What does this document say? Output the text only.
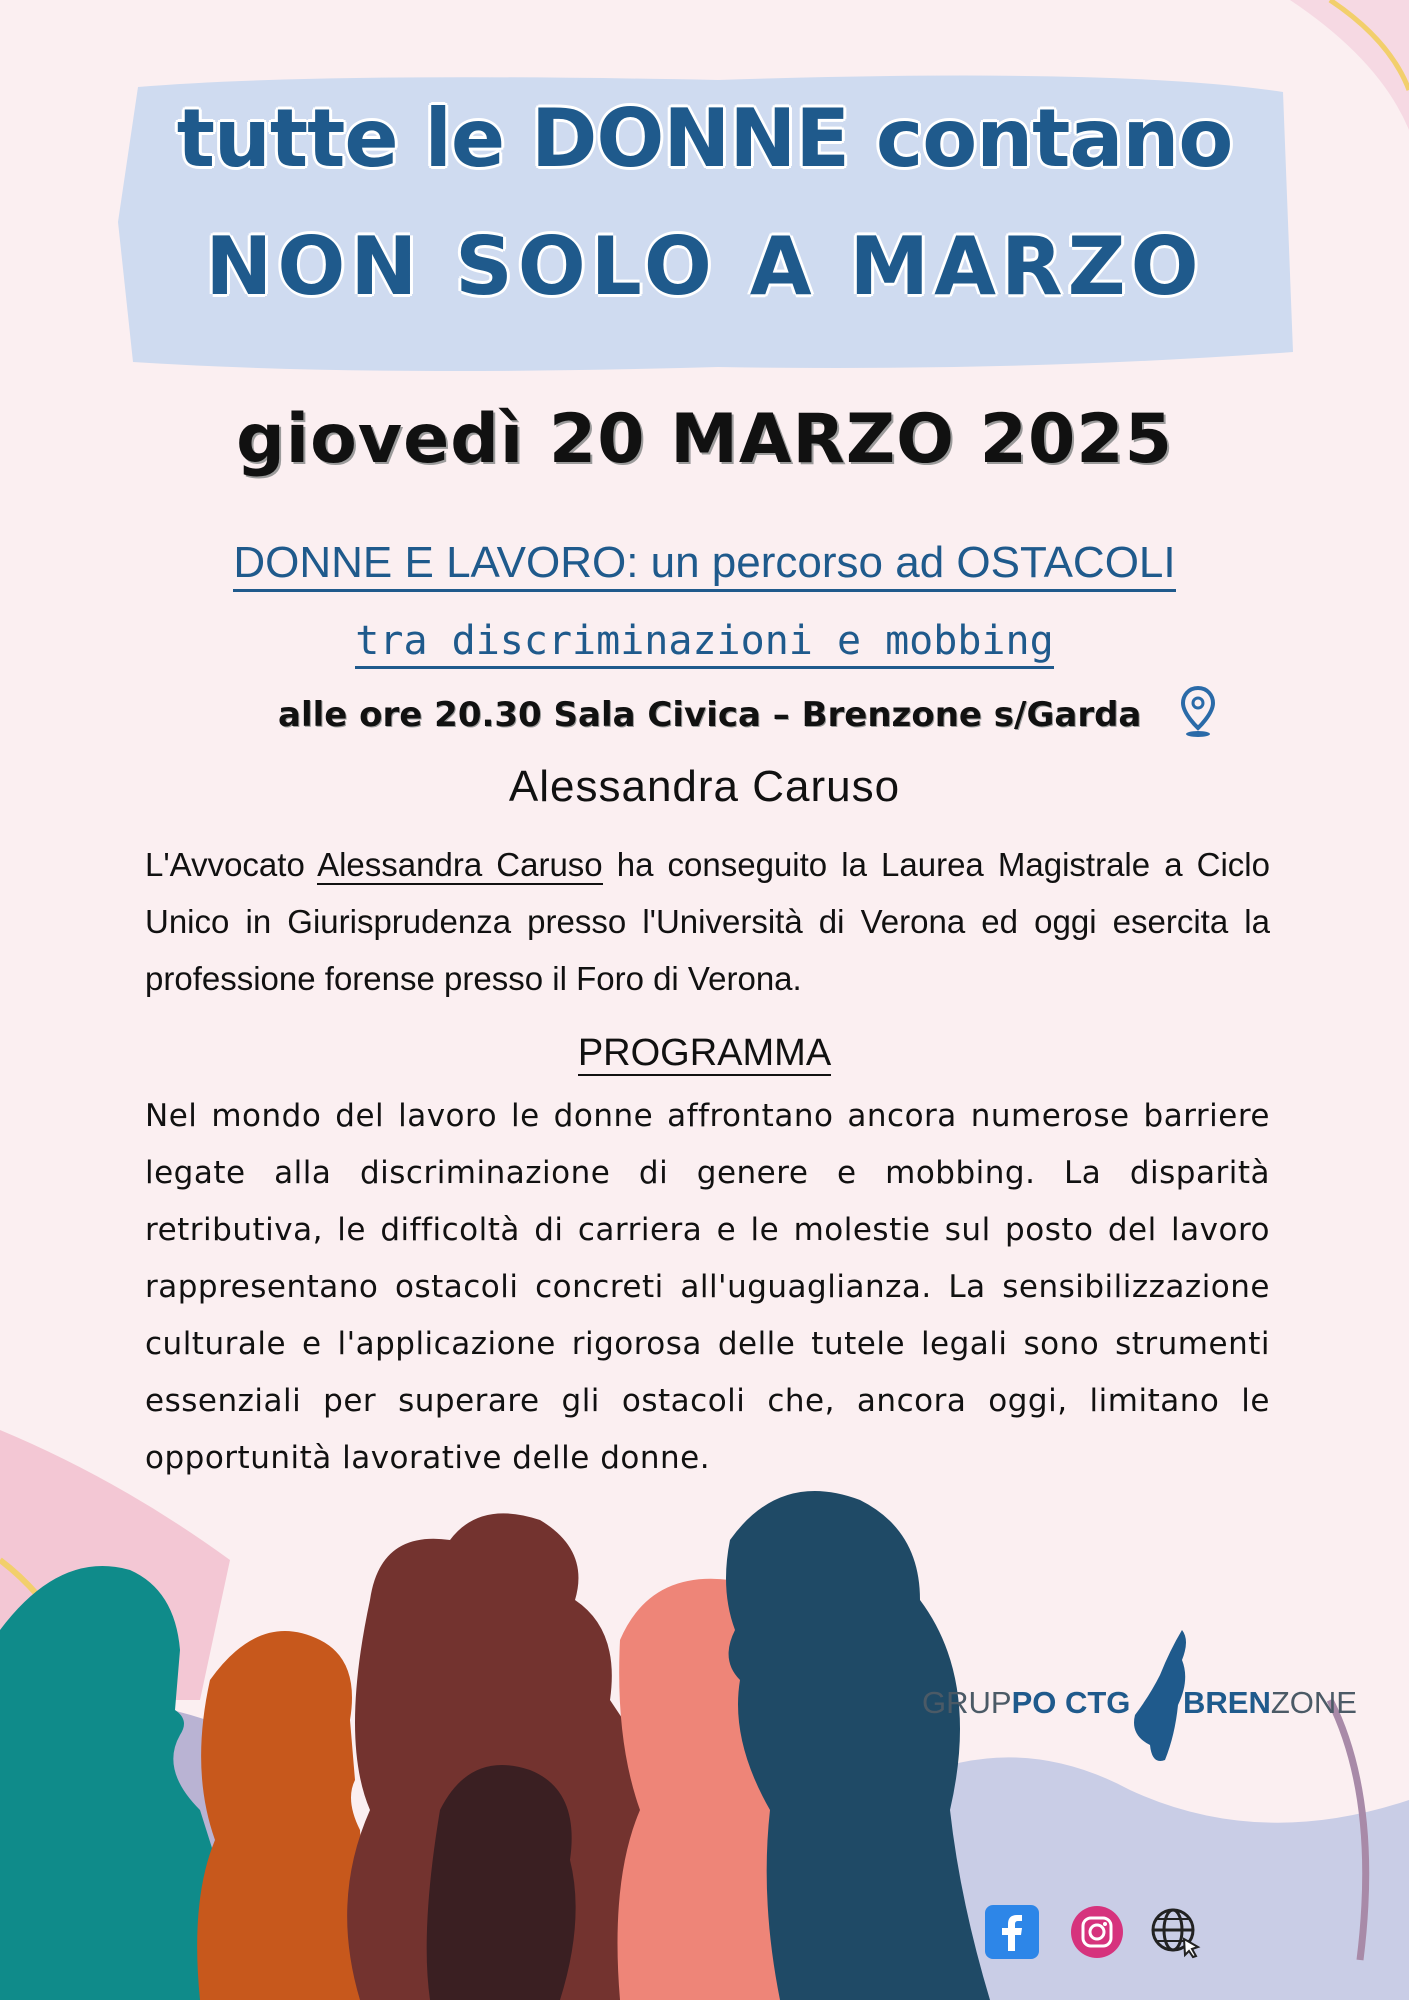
tutte le DONNE contano
NON SOLO A MARZO
giovedì 20 MARZO 2025
DONNE E LAVORO: un percorso ad OSTACOLI
tra discriminazioni e mobbing
alle ore 20.30 Sala Civica – Brenzone s/Garda
Alessandra Caruso
L'Avvocato Alessandra Caruso ha conseguito la Laurea Magistrale a Ciclo Unico in Giurisprudenza presso l'Università di Verona ed oggi esercita la professione forense presso il Foro di Verona.
PROGRAMMA
Nel mondo del lavoro le donne affrontano ancora numerose barriere legate alla discriminazione di genere e mobbing. La disparità retributiva, le difficoltà di carriera e le molestie sul posto del lavoro rappresentano ostacoli concreti all'uguaglianza. La sensibilizzazione culturale e l'applicazione rigorosa delle tutele legali sono strumenti essenziali per superare gli ostacoli che, ancora oggi, limitano le opportunità lavorative delle donne.
GRUPPO CTG BRENZONE
